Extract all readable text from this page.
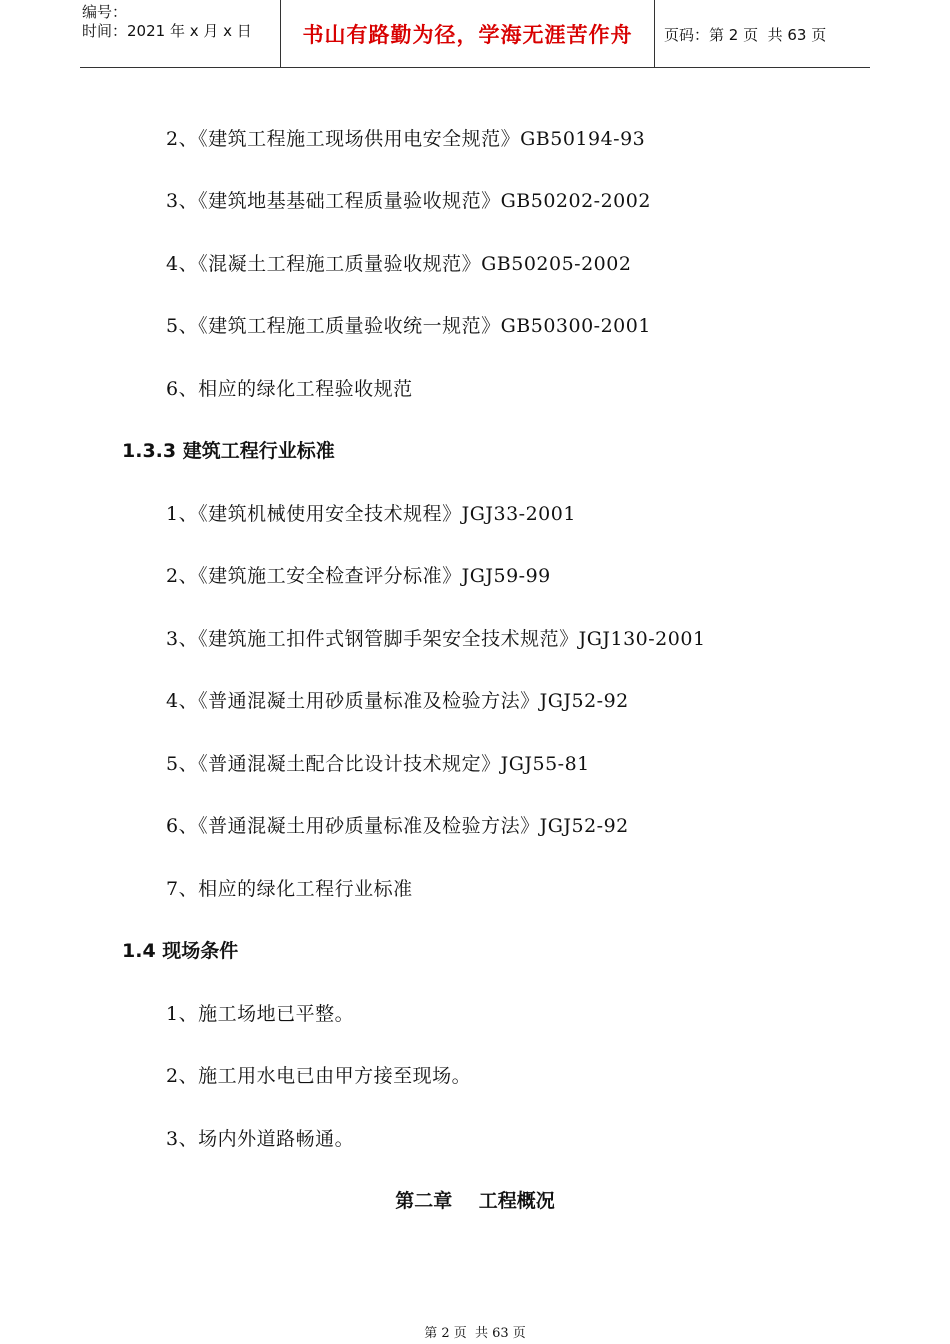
编号：
时间：2021 年 x 月 x 日	书山有路勤为径，学海无涯苦作舟 页码：第 2 页  共 63 页
2、《建筑工程施工现场供用电安全规范》GB50194-93
3、《建筑地基基础工程质量验收规范》GB50202-2002
4、《混凝土工程施工质量验收规范》GB50205-2002
5、《建筑工程施工质量验收统一规范》GB50300-2001
6、相应的绿化工程验收规范
1.3.3 建筑工程行业标准
1、《建筑机械使用安全技术规程》JGJ33-2001
2、《建筑施工安全检查评分标准》JGJ59-99
3、《建筑施工扣件式钢管脚手架安全技术规范》JGJ130-2001
4、《普通混凝土用砂质量标准及检验方法》JGJ52-92
5、《普通混凝土配合比设计技术规定》JGJ55-81
6、《普通混凝土用砂质量标准及检验方法》JGJ52-92
7、相应的绿化工程行业标准
1.4 现场条件
1、施工场地已平整。
2、施工用水电已由甲方接至现场。
3、场内外道路畅通。
第二章    工程概况
第 2 页  共 63 页
